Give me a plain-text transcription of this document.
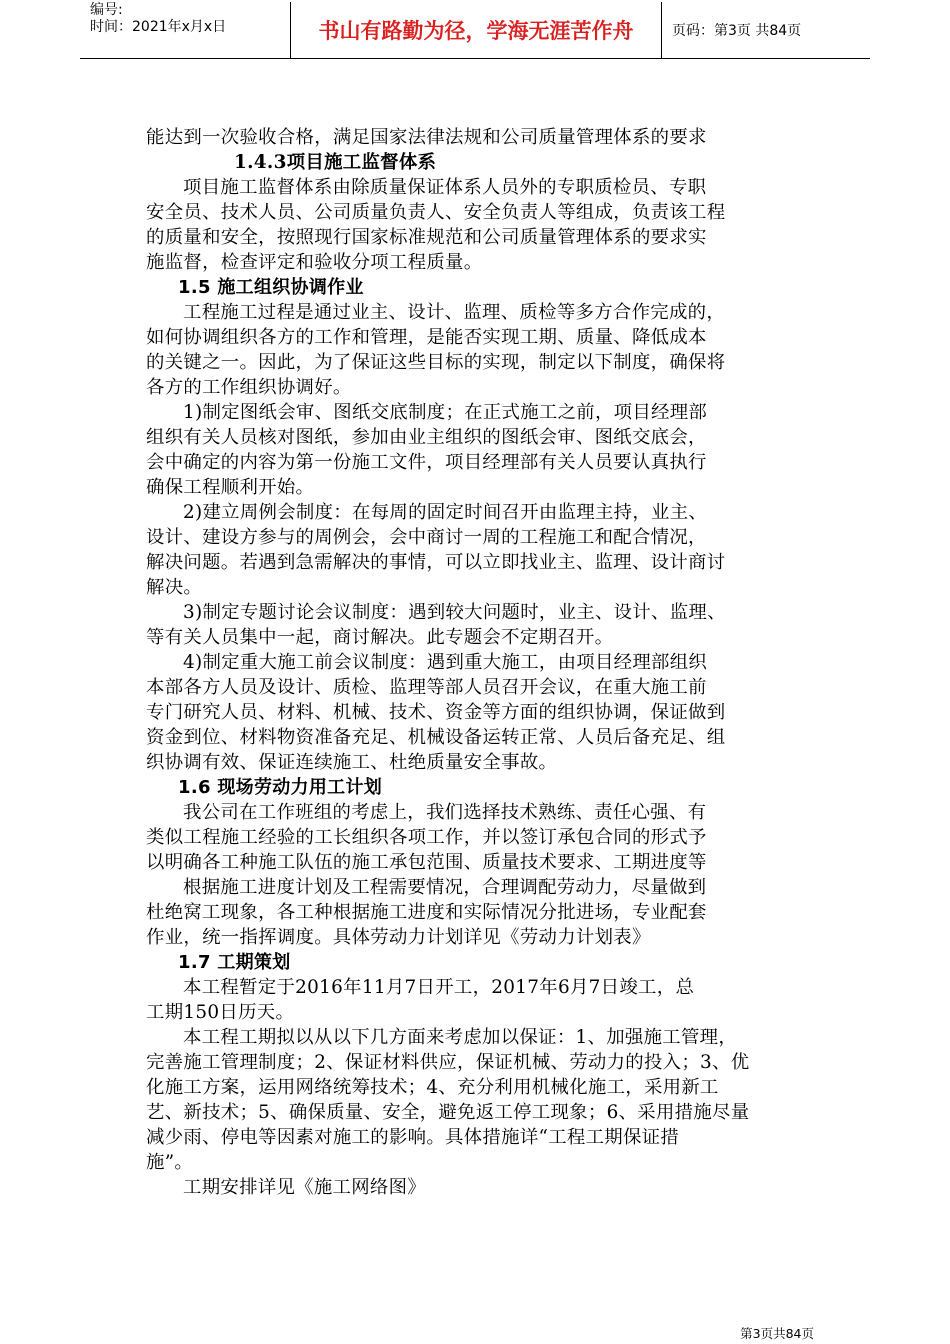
编号:
时间：2021年x月x日	书山有路勤为径，学海无涯苦作舟	页码：第3页 共84页
能达到一次验收合格，满足国家法律法规和公司质量管理体系的要求
1.4.3项目施工监督体系
项目施工监督体系由除质量保证体系人员外的专职质检员、专职
安全员、技术人员、公司质量负责人、安全负责人等组成，负责该工程
的质量和安全，按照现行国家标准规范和公司质量管理体系的要求实
施监督，检查评定和验收分项工程质量。
1.5 施工组织协调作业
工程施工过程是通过业主、设计、监理、质检等多方合作完成的，
如何协调组织各方的工作和管理，是能否实现工期、质量、降低成本
的关键之一。因此，为了保证这些目标的实现，制定以下制度，确保将
各方的工作组织协调好。
1)制定图纸会审、图纸交底制度；在正式施工之前，项目经理部
组织有关人员核对图纸，参加由业主组织的图纸会审、图纸交底会，
会中确定的内容为第一份施工文件，项目经理部有关人员要认真执行
确保工程顺利开始。
2)建立周例会制度：在每周的固定时间召开由监理主持，业主、
设计、建设方参与的周例会，会中商讨一周的工程施工和配合情况，
解决问题。若遇到急需解决的事情，可以立即找业主、监理、设计商讨
解决。
3)制定专题讨论会议制度：遇到较大问题时，业主、设计、监理、
等有关人员集中一起，商讨解决。此专题会不定期召开。
4)制定重大施工前会议制度：遇到重大施工，由项目经理部组织
本部各方人员及设计、质检、监理等部人员召开会议，在重大施工前
专门研究人员、材料、机械、技术、资金等方面的组织协调，保证做到
资金到位、材料物资准备充足、机械设备运转正常、人员后备充足、组
织协调有效、保证连续施工、杜绝质量安全事故。
1.6 现场劳动力用工计划
我公司在工作班组的考虑上，我们选择技术熟练、责任心强、有
类似工程施工经验的工长组织各项工作，并以签订承包合同的形式予
以明确各工种施工队伍的施工承包范围、质量技术要求、工期进度等
根据施工进度计划及工程需要情况，合理调配劳动力，尽量做到
杜绝窝工现象，各工种根据施工进度和实际情况分批进场，专业配套
作业，统一指挥调度。具体劳动力计划详见《劳动力计划表》
1.7 工期策划
本工程暂定于2016年11月7日开工，2017年6月7日竣工，总
工期150日历天。
本工程工期拟以从以下几方面来考虑加以保证：1、加强施工管理，
完善施工管理制度；2、保证材料供应，保证机械、劳动力的投入；3、优
化施工方案，运用网络统筹技术；4、充分利用机械化施工，采用新工
艺、新技术；5、确保质量、安全，避免返工停工现象；6、采用措施尽量
减少雨、停电等因素对施工的影响。具体措施详“工程工期保证措
施”。
工期安排详见《施工网络图》
第3页共84页
